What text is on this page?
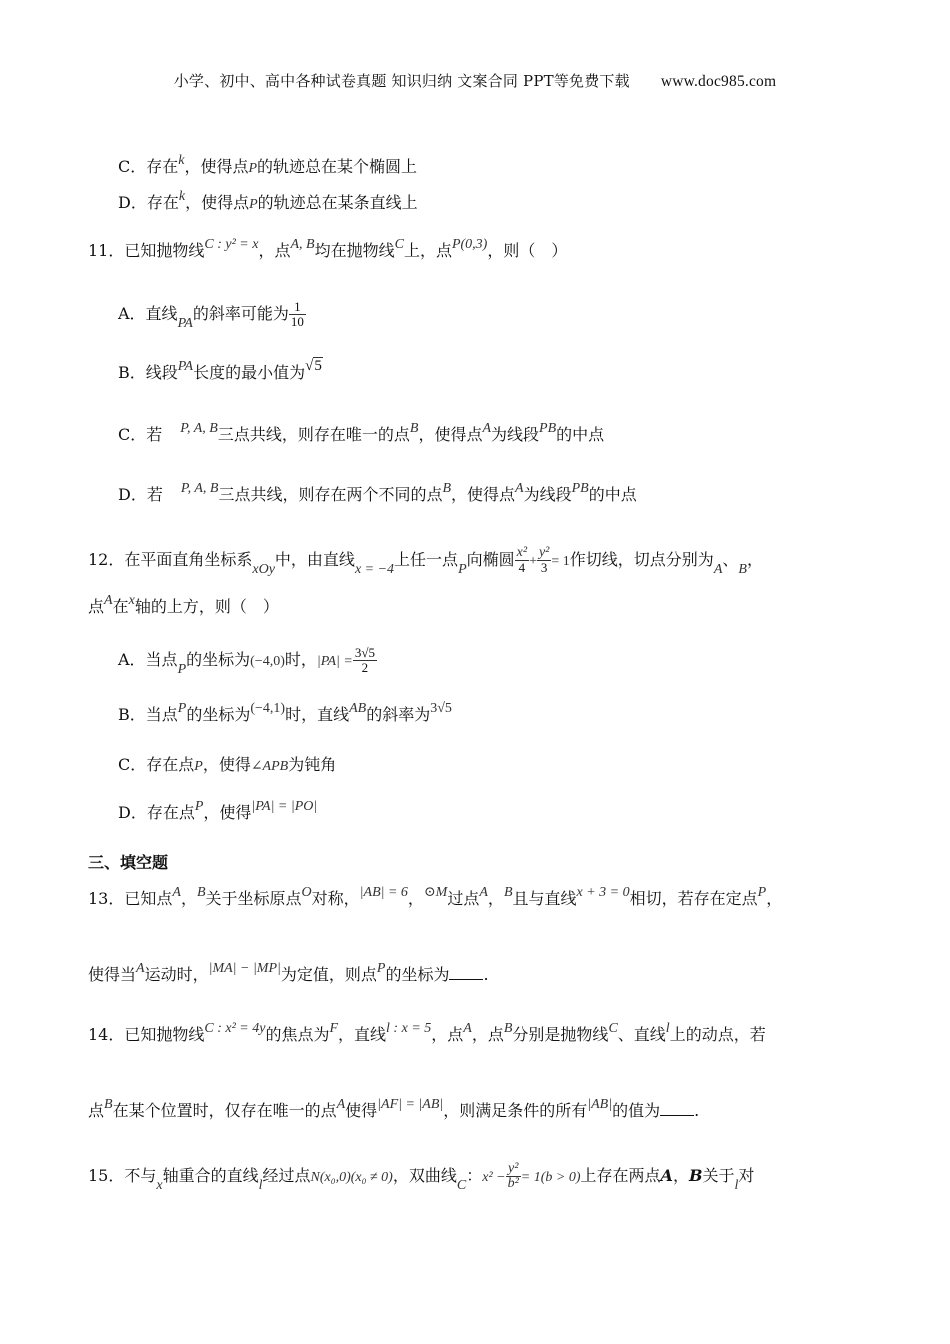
小学、初中、高中各种试卷真题 知识归纳 文案合同 PPT等免费下载 www.doc985.com
C．存在k，使得点P的轨迹总在某个椭圆上
D．存在k，使得点P的轨迹总在某条直线上
11．已知抛物线C : y² = x，点A, B均在抛物线C上，点P(0,3)，则（　）
A．直线PA的斜率可能为 $\frac{1}{10}$
B．线段PA长度的最小值为√5
C．若 P, A, B三点共线，则存在唯一的点B，使得点A为线段PB的中点
D．若 P, A, B三点共线，则存在两个不同的点B，使得点A为线段PB的中点
12．在平面直角坐标系xOy中，由直线x = −4上任一点P向椭圆 $\frac{\text{x²}}{4} + \frac{\text{y²}}{3} = 1$作切线，切点分别为A、B，
点A在x轴的上方，则（　）
A．当点P的坐标为(−4,0)时，$|PA| = \frac{3√5}{2}$
B．当点P的坐标为(−4,1)时，直线AB的斜率为3√5
C．存在点P，使得∠APB为钝角
D．存在点P，使得|PA| = |PO|
三、填空题
13．已知点A，B关于坐标原点O对称，|AB| = 6，⊙M过点A，B且与直线x + 3 = 0相切，若存在定点P，
使得当A运动时，|MA| − |MP|为定值，则点P的坐标为 .
14．已知抛物线C : x² = 4y的焦点为F，直线l : x = 5，点A，点B分别是抛物线C、直线l上的动点，若
点B在某个位置时，仅存在唯一的点A使得|AF| = |AB|，则满足条件的所有|AB|的值为 .
15．不与x轴重合的直线l经过点N(x₀,0)(x₀ ≠ 0)，双曲线C：$x^2 - \frac{\text{y²}}{\text{b²}} = 1(b > 0)$上存在两点A，B关于l对
